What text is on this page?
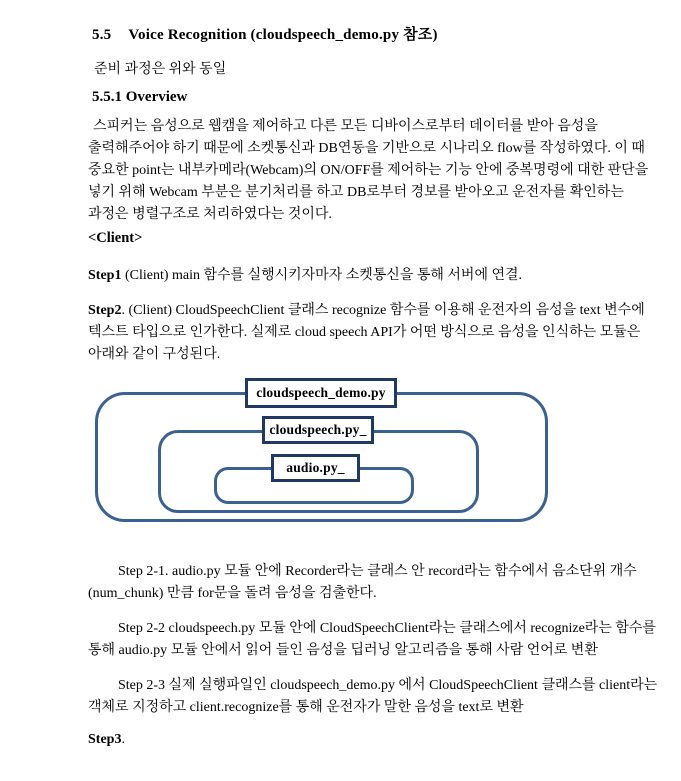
5.5 Voice Recognition (cloudspeech_demo.py 참조)
준비 과정은 위와 동일
5.5.1 Overview
스피커는 음성으로 웹캠을 제어하고 다른 모든 디바이스로부터 데이터를 받아 음성을
출력해주어야 하기 때문에 소켓통신과 DB연동을 기반으로 시나리오 flow를 작성하였다. 이 때
중요한 point는 내부카메라(Webcam)의 ON/OFF를 제어하는 기능 안에 중복명령에 대한 판단을
넣기 위해 Webcam 부분은 분기처리를 하고 DB로부터 경보를 받아오고 운전자를 확인하는
과정은 병렬구조로 처리하였다는 것이다.
<Client>
Step1 (Client) main 함수를 실행시키자마자 소켓통신을 통해 서버에 연결.
Step2. (Client) CloudSpeechClient 클래스 recognize 함수를 이용해 운전자의 음성을 text 변수에
텍스트 타입으로 인가한다. 실제로 cloud speech API가 어떤 방식으로 음성을 인식하는 모듈은
아래와 같이 구성된다.
cloudspeech_demo.py
cloudspeech.py_
audio.py_
Step 2-1. audio.py 모듈 안에 Recorder라는 클래스 안 record라는 함수에서 음소단위 개수
(num_chunk) 만큼 for문을 돌려 음성을 검출한다.
Step 2-2 cloudspeech.py 모듈 안에 CloudSpeechClient라는 클래스에서 recognize라는 함수를
통해 audio.py 모듈 안에서 읽어 들인 음성을 딥러닝 알고리즘을 통해 사람 언어로 변환
Step 2-3 실제 실행파일인 cloudspeech_demo.py 에서 CloudSpeechClient 클래스를 client라는
객체로 지정하고 client.recognize를 통해 운전자가 말한 음성을 text로 변환
Step3.
